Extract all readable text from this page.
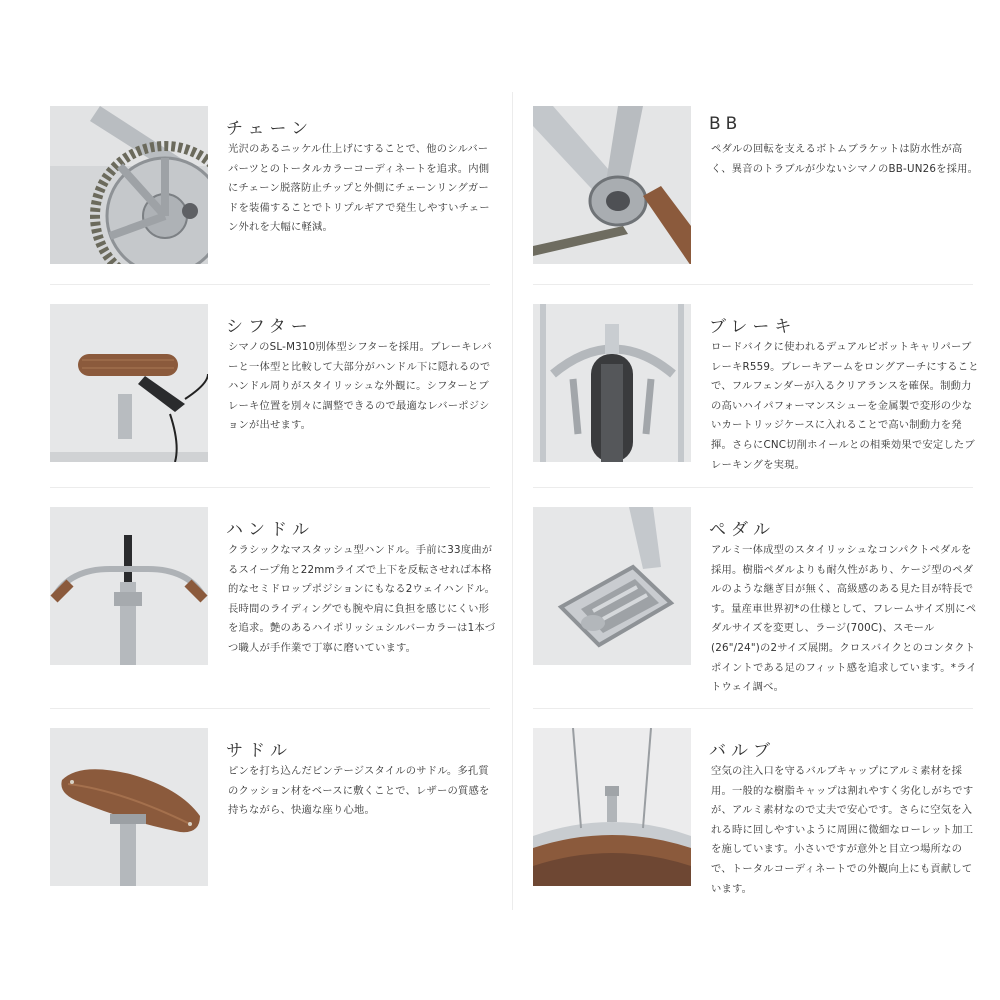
チェーン
光沢のあるニッケル仕上げにすることで、他のシルバーパーツとのトータルカラーコーディネートを追求。内側にチェーン脱落防止チップと外側にチェーンリングガードを装備することでトリプルギアで発生しやすいチェーン外れを大幅に軽減。
BB
ペダルの回転を支えるボトムブラケットは防水性が高く、異音のトラブルが少ないシマノのBB-UN26を採用。
シフター
シマノのSL-M310別体型シフターを採用。ブレーキレバーと一体型と比較して大部分がハンドル下に隠れるのでハンドル周りがスタイリッシュな外観に。シフターとブレーキ位置を別々に調整できるので最適なレバーポジションが出せます。
ブレーキ
ロードバイクに使われるデュアルピボットキャリパーブレーキR559。ブレーキアームをロングアーチにすることで、フルフェンダーが入るクリアランスを確保。制動力の高いハイパフォーマンスシューを金属製で変形の少ないカートリッジケースに入れることで高い制動力を発揮。さらにCNC切削ホイールとの相乗効果で安定したブレーキングを実現。
ハンドル
クラシックなマスタッシュ型ハンドル。手前に33度曲がるスイープ角と22mmライズで上下を反転させれば本格的なセミドロップポジションにもなる2ウェイハンドル。長時間のライディングでも腕や肩に負担を感じにくい形を追求。艶のあるハイポリッシュシルバーカラーは1本づつ職人が手作業で丁寧に磨いています。
ペダル
アルミ一体成型のスタイリッシュなコンパクトペダルを採用。樹脂ペダルよりも耐久性があり、ケージ型のペダルのような継ぎ目が無く、高級感のある見た目が特長です。量産車世界初*の仕様として、フレームサイズ別にペダルサイズを変更し、ラージ(700C)、スモール(26"/24")の2サイズ展開。クロスバイクとのコンタクトポイントである足のフィット感を追求しています。*ライトウェイ調べ。
サドル
ピンを打ち込んだビンテージスタイルのサドル。多孔質のクッション材をベースに敷くことで、レザーの質感を持ちながら、快適な座り心地。
バルブ
空気の注入口を守るバルブキャップにアルミ素材を採用。一般的な樹脂キャップは割れやすく劣化しがちですが、アルミ素材なので丈夫で安心です。さらに空気を入れる時に回しやすいように周囲に微細なローレット加工を施しています。小さいですが意外と目立つ場所なので、トータルコーディネートでの外観向上にも貢献しています。
